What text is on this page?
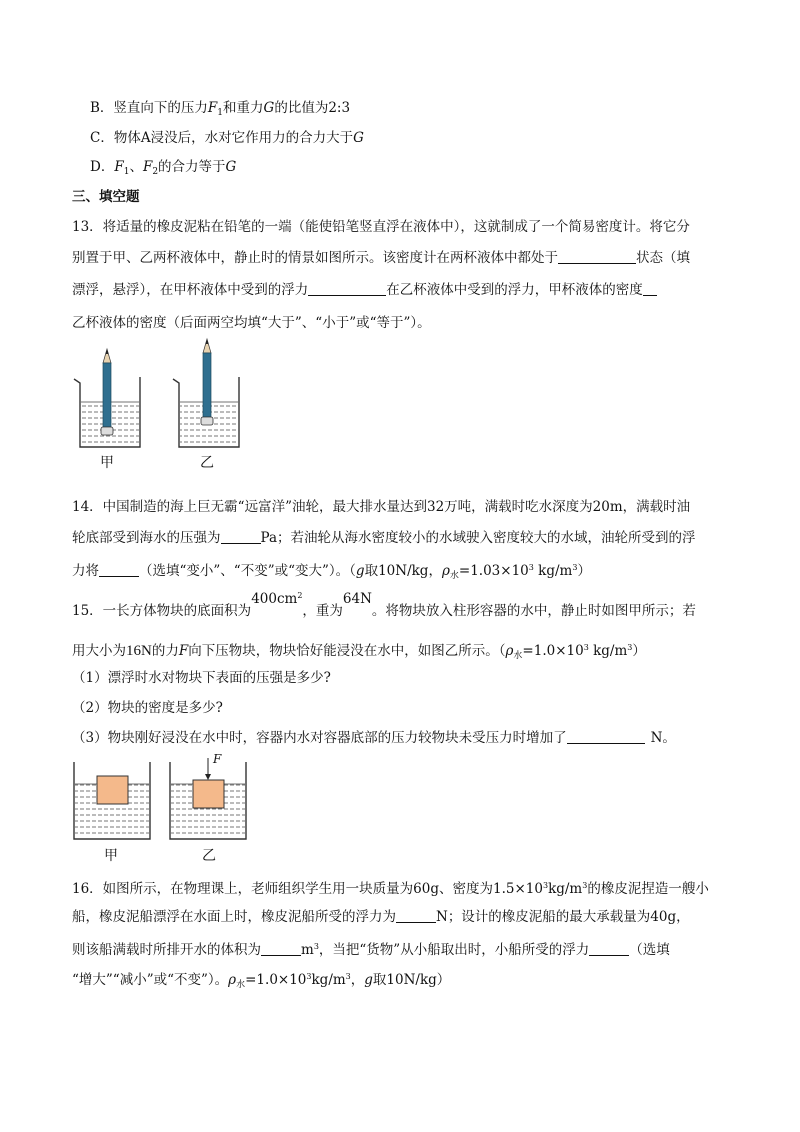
B．竖直向下的压力$F_1$和重力G的比值为2:3
C．物体A浸没后，水对它作用力的合力大于G
D．$F_1$、$F_2$的合力等于G
三、填空题
13．将适量的橡皮泥粘在铅笔的一端（能使铅笔竖直浮在液体中），这就制成了一个简易密度计。将它分
别置于甲、乙两杯液体中，静止时的情景如图所示。该密度计在两杯液体中都处于	状态（填
漂浮，悬浮），在甲杯液体中受到的浮力	在乙杯液体中受到的浮力，甲杯液体的密度
乙杯液体的密度（后面两空均填“大于”、“小于”或“等于”）。
甲	乙
14．中国制造的海上巨无霸“远富洋”油轮，最大排水量达到32万吨，满载时吃水深度为20m，满载时油
轮底部受到海水的压强为	Pa；若油轮从海水密度较小的水域驶入密度较大的水域，油轮所受到的浮
力将	（选填“变小”、“不变”或“变大”）。（g取10N/kg，$\rho_水=1.03\times 10^3$ $kg/m^3$）
15．一长方体物块的底面积为$400cm^2$，重为64N。将物块放入柱形容器的水中，静止时如图甲所示；若
用大小为16N的力F向下压物块，物块恰好能浸没在水中，如图乙所示。（$\rho_水=1.0\times 10^3$ $kg/m^3$）
（1）漂浮时水对物块下表面的压强是多少?
（2）物块的密度是多少?
（3）物块刚好浸没在水中时，容器内水对容器底部的压力较物块未受压力时增加了	N。
F
甲	乙
16．如图所示，在物理课上，老师组织学生用一块质量为60g、密度为$1.5\times 10^3kg/m^3$的橡皮泥捏造一艘小
船，橡皮泥船漂浮在水面上时，橡皮泥船所受的浮力为	N；设计的橡皮泥船的最大承载量为40g，
则该船满载时所排开水的体积为	$m^3$，当把“货物”从小船取出时，小船所受的浮力	（选填
“增大”“减小”或“不变”）。$\rho_水=1.0\times 10^3kg/m^3$，g取10N/kg）
